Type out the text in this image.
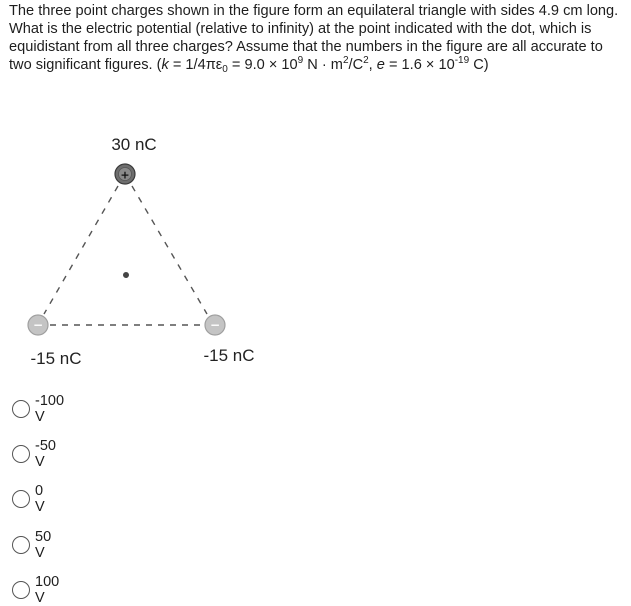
The three point charges shown in the figure form an equilateral triangle with sides 4.9 cm long. What is the electric potential (relative to infinity) at the point indicated with the dot, which is equidistant from all three charges? Assume that the numbers in the figure are all accurate to two significant figures. ($k = 1/4\pi\varepsilon_0 = 9.0 \times 10^9$ $N \cdot m^2/C^2$, $e = 1.6 \times 10^{-19}$ C)
+
−	−
30 nC
-15 nC	-15 nC
-100 V
-50 V
0 V
50 V
100 V
